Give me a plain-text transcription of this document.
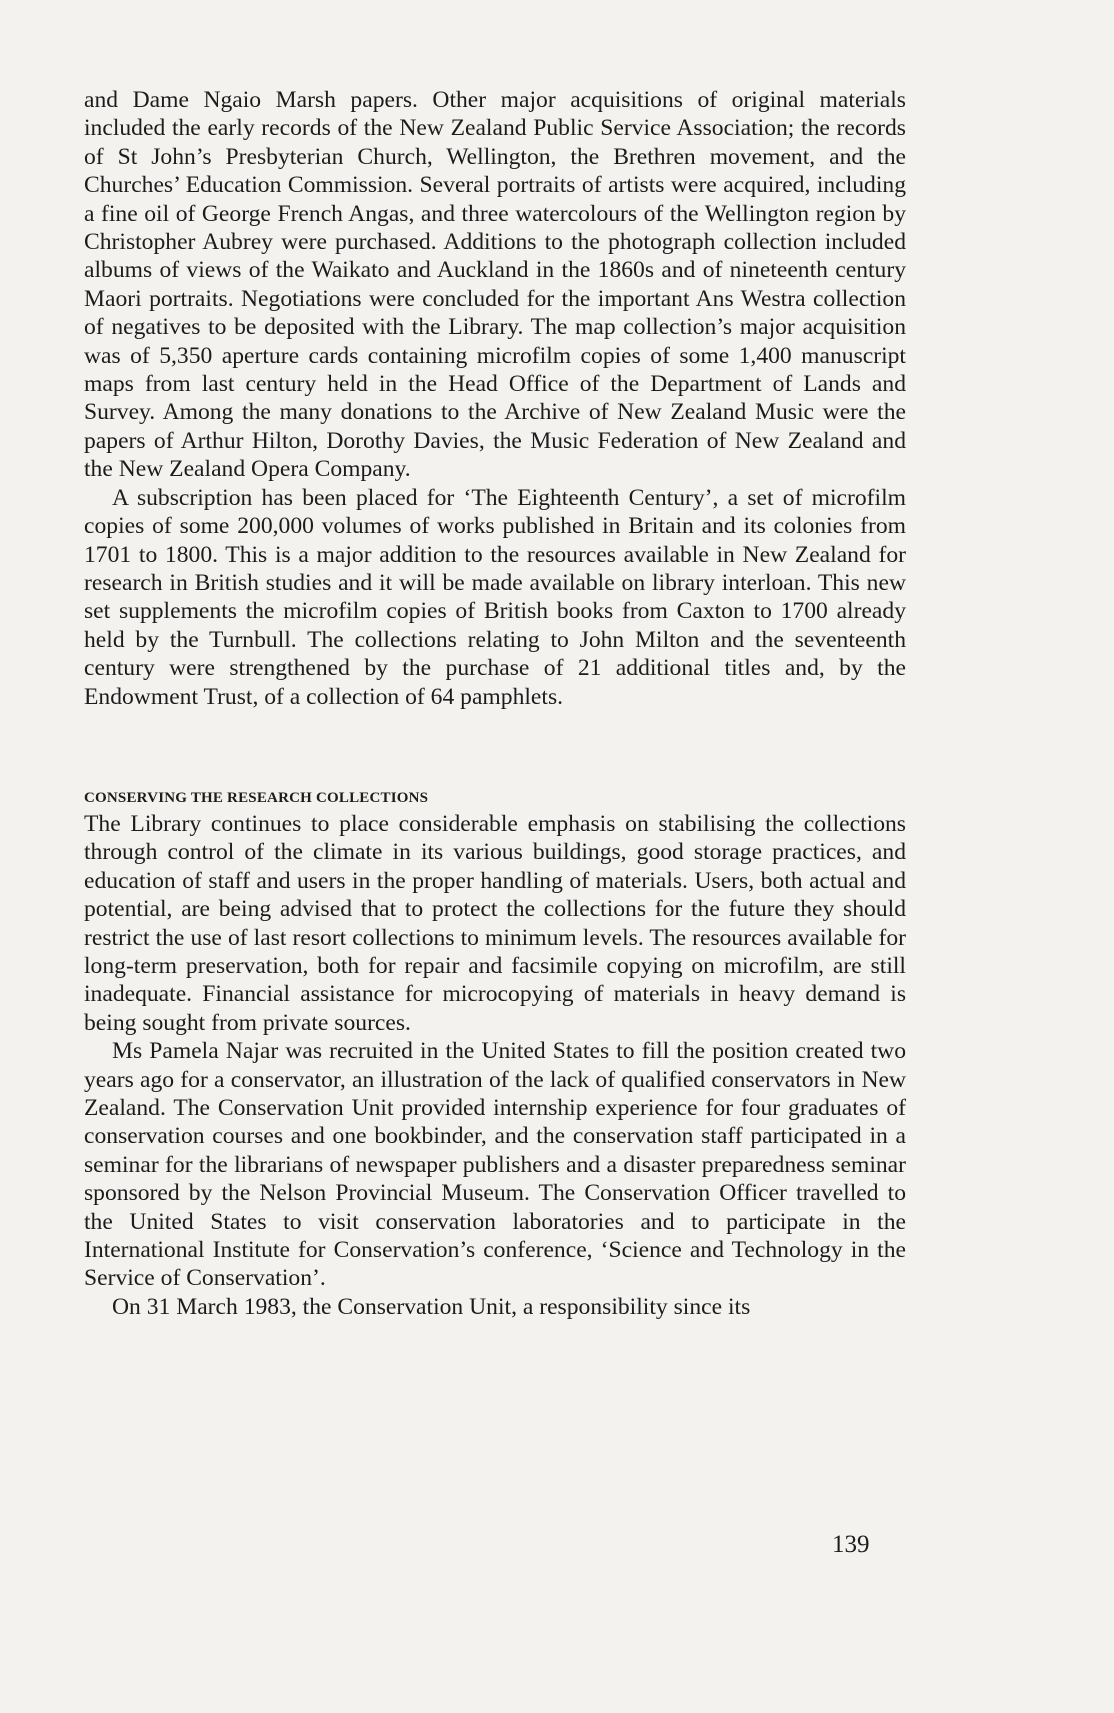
and Dame Ngaio Marsh papers. Other major acquisitions of original materials included the early records of the New Zealand Public Service Association; the records of St John’s Presbyterian Church, Wellington, the Brethren movement, and the Churches’ Education Commission. Several portraits of artists were acquired, including a fine oil of George French Angas, and three watercolours of the Wellington region by Christopher Aubrey were purchased. Additions to the photograph collection included albums of views of the Waikato and Auckland in the 1860s and of nineteenth century Maori portraits. Negotiations were concluded for the important Ans Westra collection of negatives to be deposited with the Library. The map collection’s major acquisition was of 5,350 aperture cards containing microfilm copies of some 1,400 manuscript maps from last century held in the Head Office of the Department of Lands and Survey. Among the many donations to the Archive of New Zealand Music were the papers of Arthur Hilton, Dorothy Davies, the Music Federation of New Zealand and the New Zealand Opera Company.

A subscription has been placed for ‘The Eighteenth Century’, a set of microfilm copies of some 200,000 volumes of works published in Britain and its colonies from 1701 to 1800. This is a major addition to the resources available in New Zealand for research in British studies and it will be made available on library interloan. This new set supplements the microfilm copies of British books from Caxton to 1700 already held by the Turnbull. The collections relating to John Milton and the seventeenth century were strengthened by the purchase of 21 additional titles and, by the Endowment Trust, of a collection of 64 pamphlets.

CONSERVING THE RESEARCH COLLECTIONS

The Library continues to place considerable emphasis on stabilising the collections through control of the climate in its various buildings, good storage practices, and education of staff and users in the proper handling of materials. Users, both actual and potential, are being advised that to protect the collections for the future they should restrict the use of last resort collections to minimum levels. The resources available for long-term preservation, both for repair and facsimile copying on microfilm, are still inadequate. Financial assistance for microcopying of materials in heavy demand is being sought from private sources.

Ms Pamela Najar was recruited in the United States to fill the position created two years ago for a conservator, an illustration of the lack of qualified conservators in New Zealand. The Conservation Unit provided internship experience for four graduates of conservation courses and one bookbinder, and the conservation staff participated in a seminar for the librarians of newspaper publishers and a disaster preparedness seminar sponsored by the Nelson Provincial Museum. The Conservation Officer travelled to the United States to visit conservation laboratories and to participate in the International Institute for Conservation’s conference, ‘Science and Technology in the Service of Conservation’.

On 31 March 1983, the Conservation Unit, a responsibility since its

139
